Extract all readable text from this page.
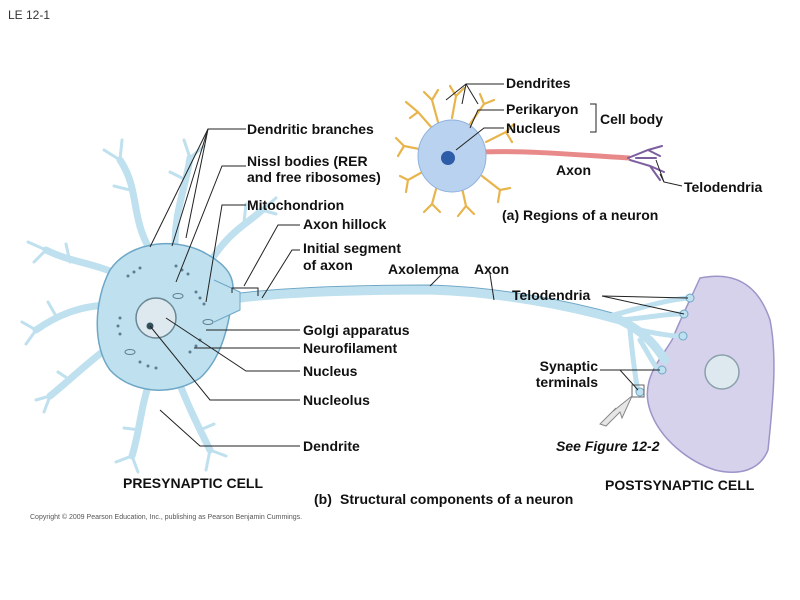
LE 12-1
Dendrites
Perikaryon
Nucleus
Cell body
Axon
Telodendria
(a) Regions of a neuron
Dendritic branches
Nissl bodies (RER
and free ribosomes)
Mitochondrion
Axon hillock
Initial segment
of axon	Axolemma Axon
Telodendria
Golgi apparatus
Neurofilament
Nucleus
Nucleolus
Dendrite
Synaptic
terminals
See Figure 12-2
PRESYNAPTIC CELL	POSTSYNAPTIC CELL
(b) Structural components of a neuron
Copyright © 2009 Pearson Education, Inc., publishing as Pearson Benjamin Cummings.
